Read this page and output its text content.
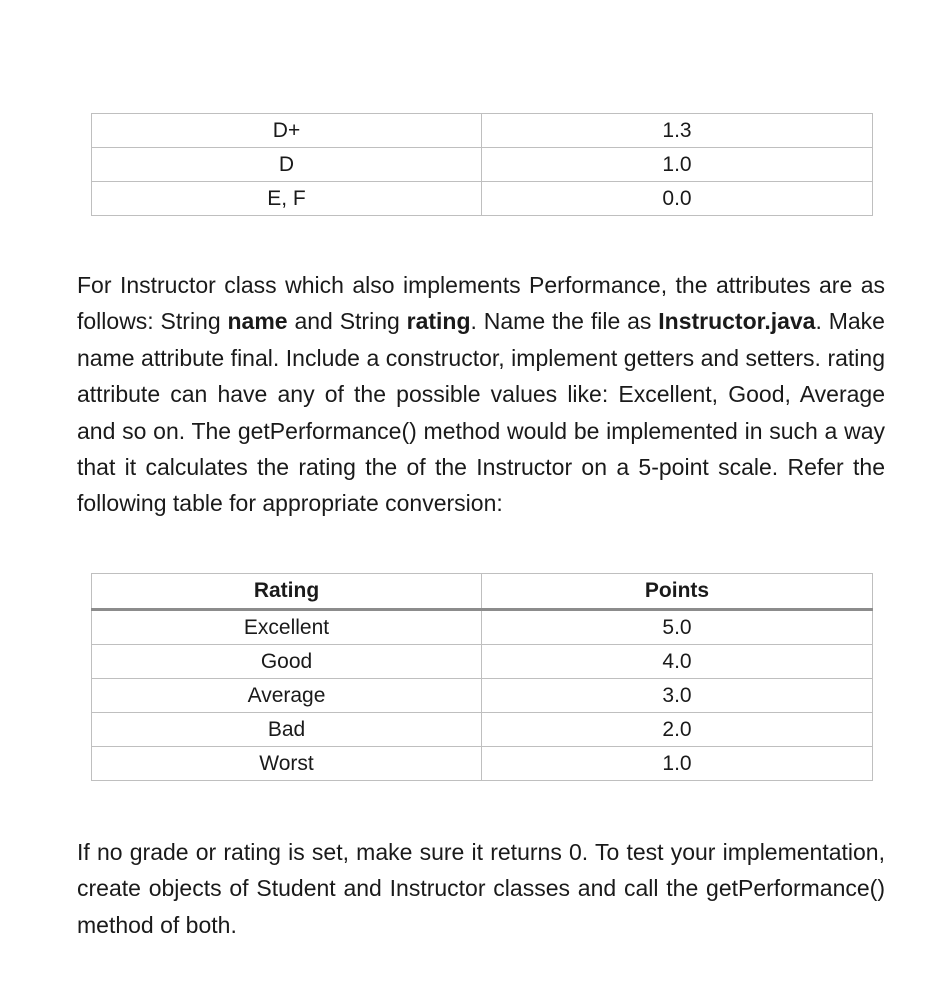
D+	1.3
D	1.0
E, F	0.0

For Instructor class which also implements Performance, the attributes are as follows: String name and String rating. Name the file as Instructor.java. Make name attribute final. Include a constructor, implement getters and setters. rating attribute can have any of the possible values like: Excellent, Good, Average and so on. The getPerformance() method would be implemented in such a way that it calculates the rating the of the Instructor on a 5-point scale. Refer the following table for appropriate conversion:

Rating	Points
Excellent	5.0
Good	4.0
Average	3.0
Bad	2.0
Worst	1.0

If no grade or rating is set, make sure it returns 0. To test your implementation, create objects of Student and Instructor classes and call the getPerformance() method of both.
